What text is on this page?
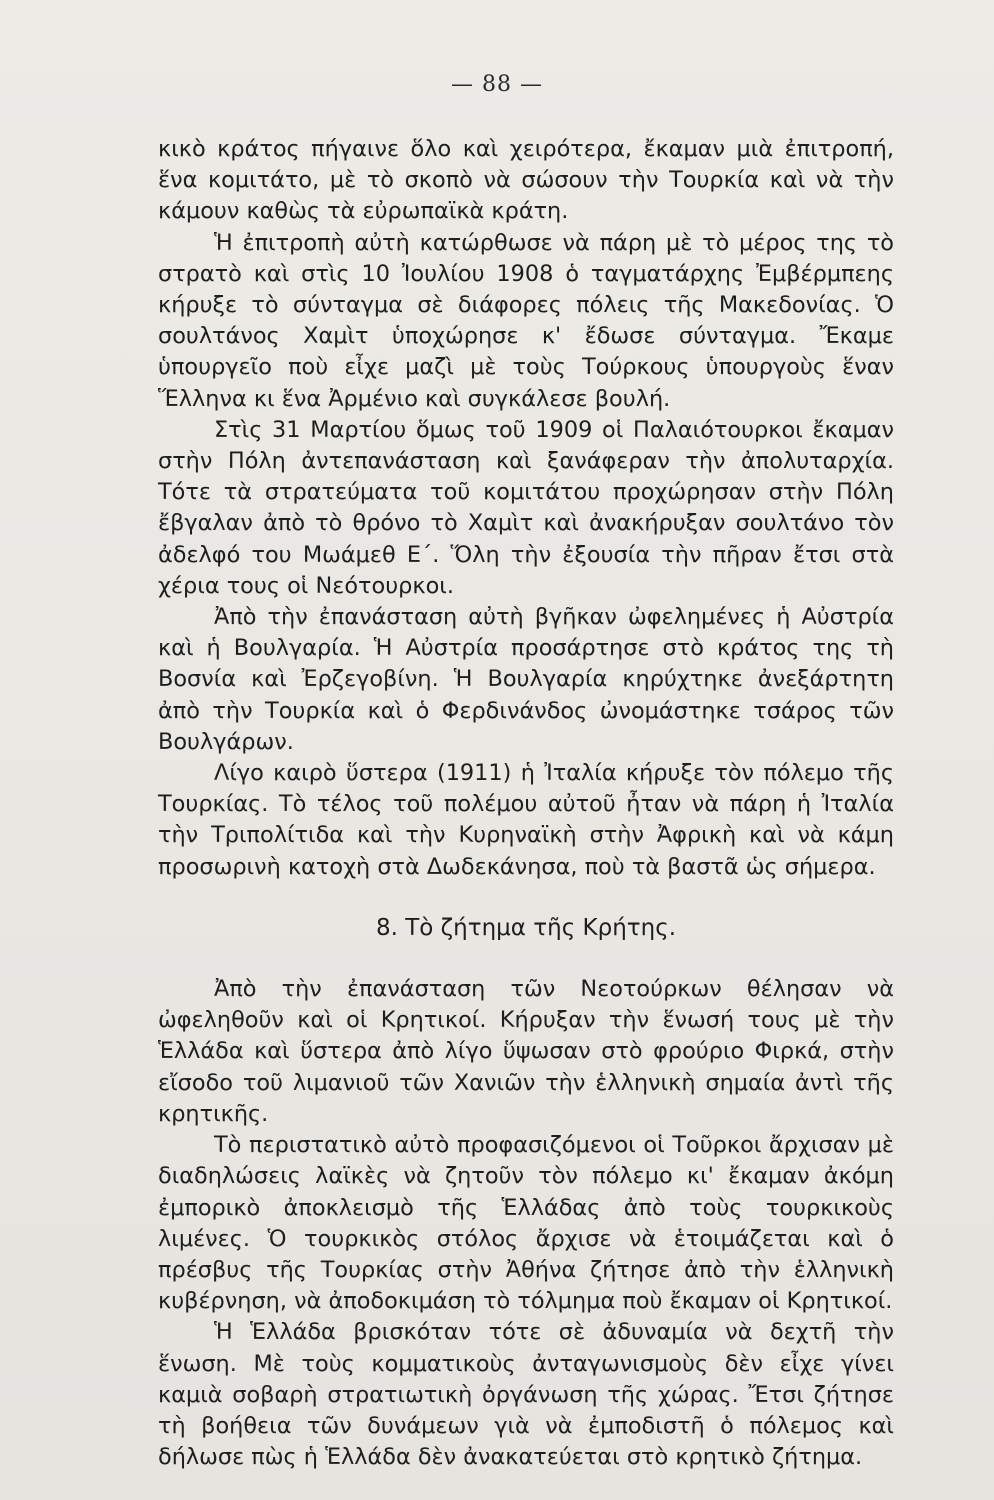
— 88 —

κικὸ κράτος πήγαινε ὅλο καὶ χειρότερα, ἔκαμαν μιὰ ἐπιτροπή, ἕνα κομιτάτο, μὲ τὸ σκοπὸ νὰ σώσουν τὴν Τουρκία καὶ νὰ τὴν κάμουν καθὼς τὰ εὐρωπαϊκὰ κράτη.

Ἡ ἐπιτροπὴ αὐτὴ κατώρθωσε νὰ πάρη μὲ τὸ μέρος της τὸ στρατὸ καὶ στὶς 10 Ἰουλίου 1908 ὁ ταγματάρχης Ἐμβέρμπεης κήρυξε τὸ σύνταγμα σὲ διάφορες πόλεις τῆς Μακεδονίας. Ὁ σουλτάνος Χαμὶτ ὑποχώρησε κ' ἔδωσε σύνταγμα. Ἔκαμε ὑπουργεῖο ποὺ εἶχε μαζὶ μὲ τοὺς Τούρκους ὑπουργοὺς ἕναν Ἕλληνα κι ἕνα Ἀρμένιο καὶ συγκάλεσε βουλή.

Στὶς 31 Μαρτίου ὅμως τοῦ 1909 οἱ Παλαιότουρκοι ἔκαμαν στὴν Πόλη ἀντεπανάσταση καὶ ξανάφεραν τὴν ἀπολυταρχία. Τότε τὰ στρατεύματα τοῦ κομιτάτου προχώρησαν στὴν Πόλη ἔβγαλαν ἀπὸ τὸ θρόνο τὸ Χαμὶτ καὶ ἀνακήρυξαν σουλτάνο τὸν ἀδελφό του Μωάμεθ Ε΄. Ὅλη τὴν ἐξουσία τὴν πῆραν ἔτσι στὰ χέρια τους οἱ Νεότουρκοι.

Ἀπὸ τὴν ἐπανάσταση αὐτὴ βγῆκαν ὠφελημένες ἡ Αὐστρία καὶ ἡ Βουλγαρία. Ἡ Αὐστρία προσάρτησε στὸ κράτος της τὴ Βοσνία καὶ Ἐρζεγοβίνη. Ἡ Βουλγαρία κηρύχτηκε ἀνεξάρτητη ἀπὸ τὴν Τουρκία καὶ ὁ Φερδινάνδος ὠνομάστηκε τσάρος τῶν Βουλγάρων.

Λίγο καιρὸ ὕστερα (1911) ἡ Ἰταλία κήρυξε τὸν πόλεμο τῆς Τουρκίας. Τὸ τέλος τοῦ πολέμου αὐτοῦ ἦταν νὰ πάρη ἡ Ἰταλία τὴν Τριπολίτιδα καὶ τὴν Κυρηναϊκὴ στὴν Ἀφρικὴ καὶ νὰ κάμη προσωρινὴ κατοχὴ στὰ Δωδεκάνησα, ποὺ τὰ βαστᾶ ὡς σήμερα.

8. Τὸ ζήτημα τῆς Κρήτης.

Ἀπὸ τὴν ἐπανάσταση τῶν Νεοτούρκων θέλησαν νὰ ὠφεληθοῦν καὶ οἱ Κρητικοί. Κήρυξαν τὴν ἕνωσή τους μὲ τὴν Ἑλλάδα καὶ ὕστερα ἀπὸ λίγο ὕψωσαν στὸ φρούριο Φιρκά, στὴν εἴσοδο τοῦ λιμανιοῦ τῶν Χανιῶν τὴν ἑλληνικὴ σημαία ἀντὶ τῆς κρητικῆς.

Τὸ περιστατικὸ αὐτὸ προφασιζόμενοι οἱ Τοῦρκοι ἄρχισαν μὲ διαδηλώσεις λαϊκὲς νὰ ζητοῦν τὸν πόλεμο κι' ἔκαμαν ἀκόμη ἐμπορικὸ ἀποκλεισμὸ τῆς Ἑλλάδας ἀπὸ τοὺς τουρκικοὺς λιμένες. Ὁ τουρκικὸς στόλος ἄρχισε νὰ ἑτοιμάζεται καὶ ὁ πρέσβυς τῆς Τουρκίας στὴν Ἀθήνα ζήτησε ἀπὸ τὴν ἑλληνικὴ κυβέρνηση, νὰ ἀποδοκιμάση τὸ τόλμημα ποὺ ἔκαμαν οἱ Κρητικοί.

Ἡ Ἑλλάδα βρισκόταν τότε σὲ ἀδυναμία νὰ δεχτῆ τὴν ἕνωση. Μὲ τοὺς κομματικοὺς ἀνταγωνισμοὺς δὲν εἶχε γίνει καμιὰ σοβαρὴ στρατιωτικὴ ὀργάνωση τῆς χώρας. Ἔτσι ζήτησε τὴ βοήθεια τῶν δυνάμεων γιὰ νὰ ἐμποδιστῆ ὁ πόλεμος καὶ δήλωσε πὼς ἡ Ἑλλάδα δὲν ἀνακατεύεται στὸ κρητικὸ ζήτημα.
